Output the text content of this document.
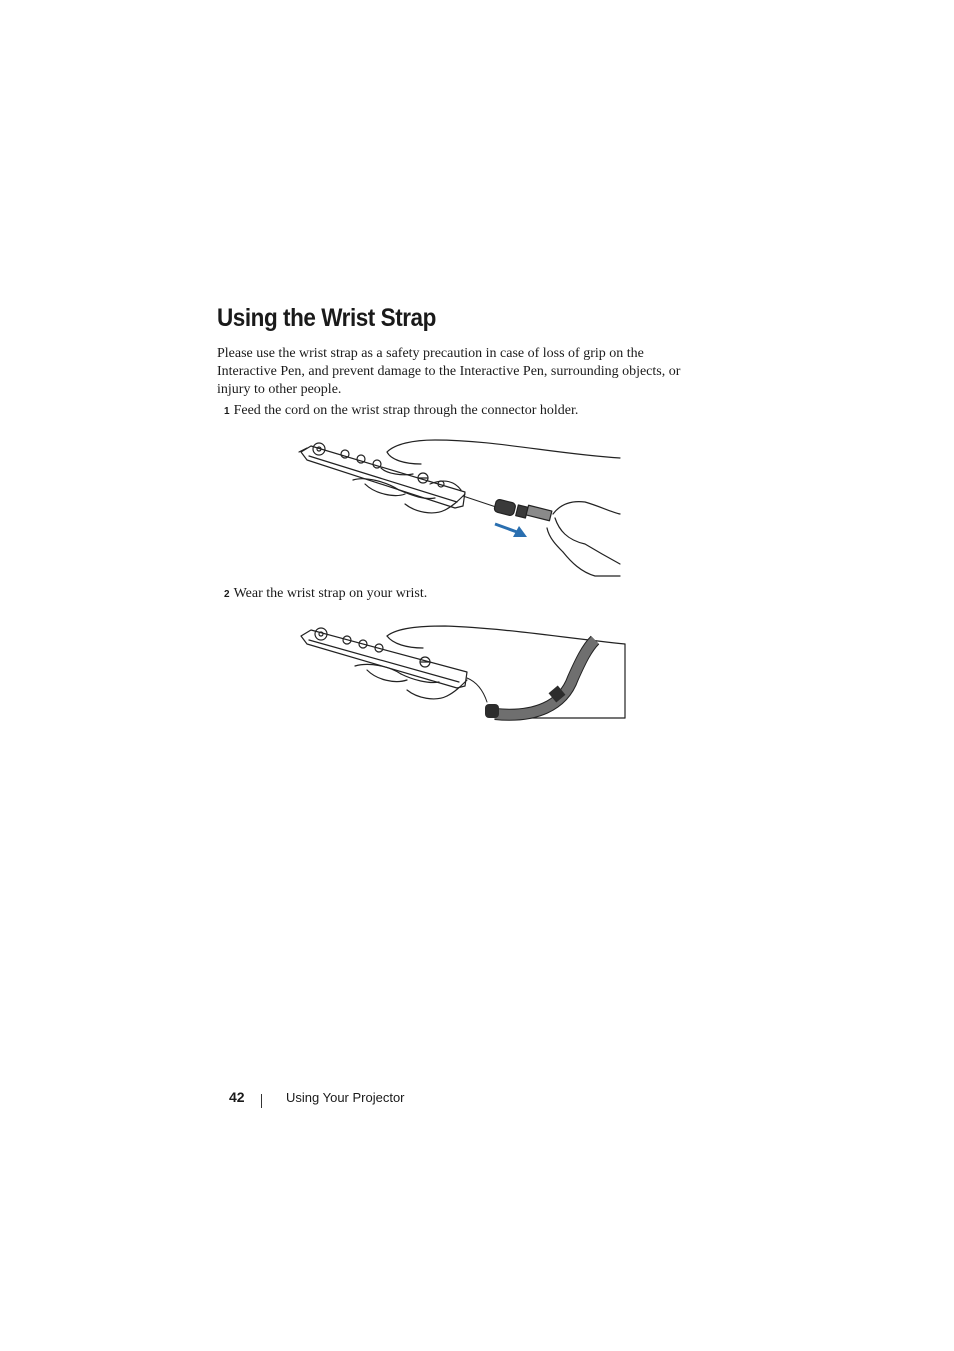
Using the Wrist Strap

Please use the wrist strap as a safety precaution in case of loss of grip on the Interactive Pen, and prevent damage to the Interactive Pen, surrounding objects, or injury to other people.

1 Feed the cord on the wrist strap through the connector holder.

2 Wear the wrist strap on your wrist.

42	Using Your Projector
